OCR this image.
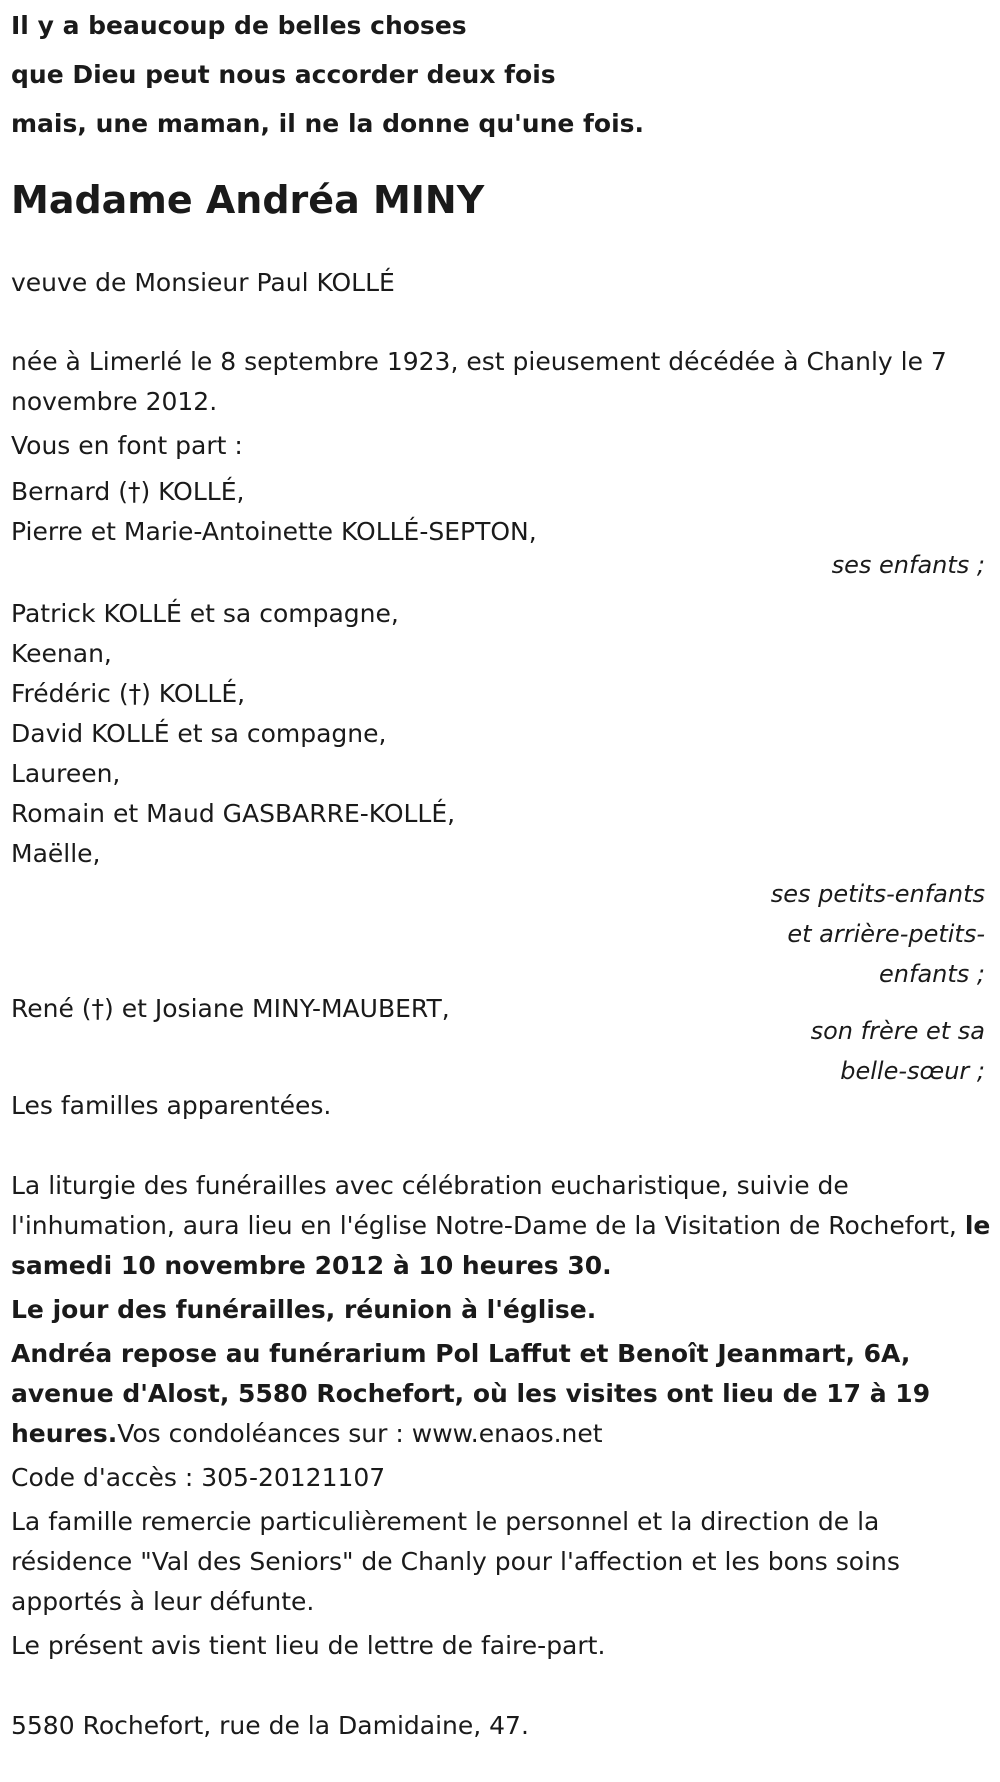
Il y a beaucoup de belles choses

que Dieu peut nous accorder deux fois

mais, une maman, il ne la donne qu'une fois.

Madame Andréa MINY

veuve de Monsieur Paul KOLLÉ

née à Limerlé le 8 septembre 1923, est pieusement décédée à Chanly le 7 novembre 2012.

Vous en font part :

Bernard (†) KOLLÉ,

Pierre et Marie-Antoinette KOLLÉ-SEPTON,

ses enfants ;

Patrick KOLLÉ et sa compagne,

Keenan,

Frédéric (†) KOLLÉ,

David KOLLÉ et sa compagne,

Laureen,

Romain et Maud GASBARRE-KOLLÉ,

Maëlle,

ses petits-enfants
et arrière-petits-
enfants ;

René (†) et Josiane MINY-MAUBERT,

son frère et sa
belle-sœur ;

Les familles apparentées.

La liturgie des funérailles avec célébration eucharistique, suivie de l'inhumation, aura lieu en l'église Notre-Dame de la Visitation de Rochefort, le samedi 10 novembre 2012 à 10 heures 30.

Le jour des funérailles, réunion à l'église.

Andréa repose au funérarium Pol Laffut et Benoît Jeanmart, 6A, avenue d'Alost, 5580 Rochefort, où les visites ont lieu de 17 à 19 heures.Vos condoléances sur : www.enaos.net

Code d'accès : 305-20121107

La famille remercie particulièrement le personnel et la direction de la résidence "Val des Seniors" de Chanly pour l'affection et les bons soins apportés à leur défunte.

Le présent avis tient lieu de lettre de faire-part.

5580 Rochefort, rue de la Damidaine, 47.
